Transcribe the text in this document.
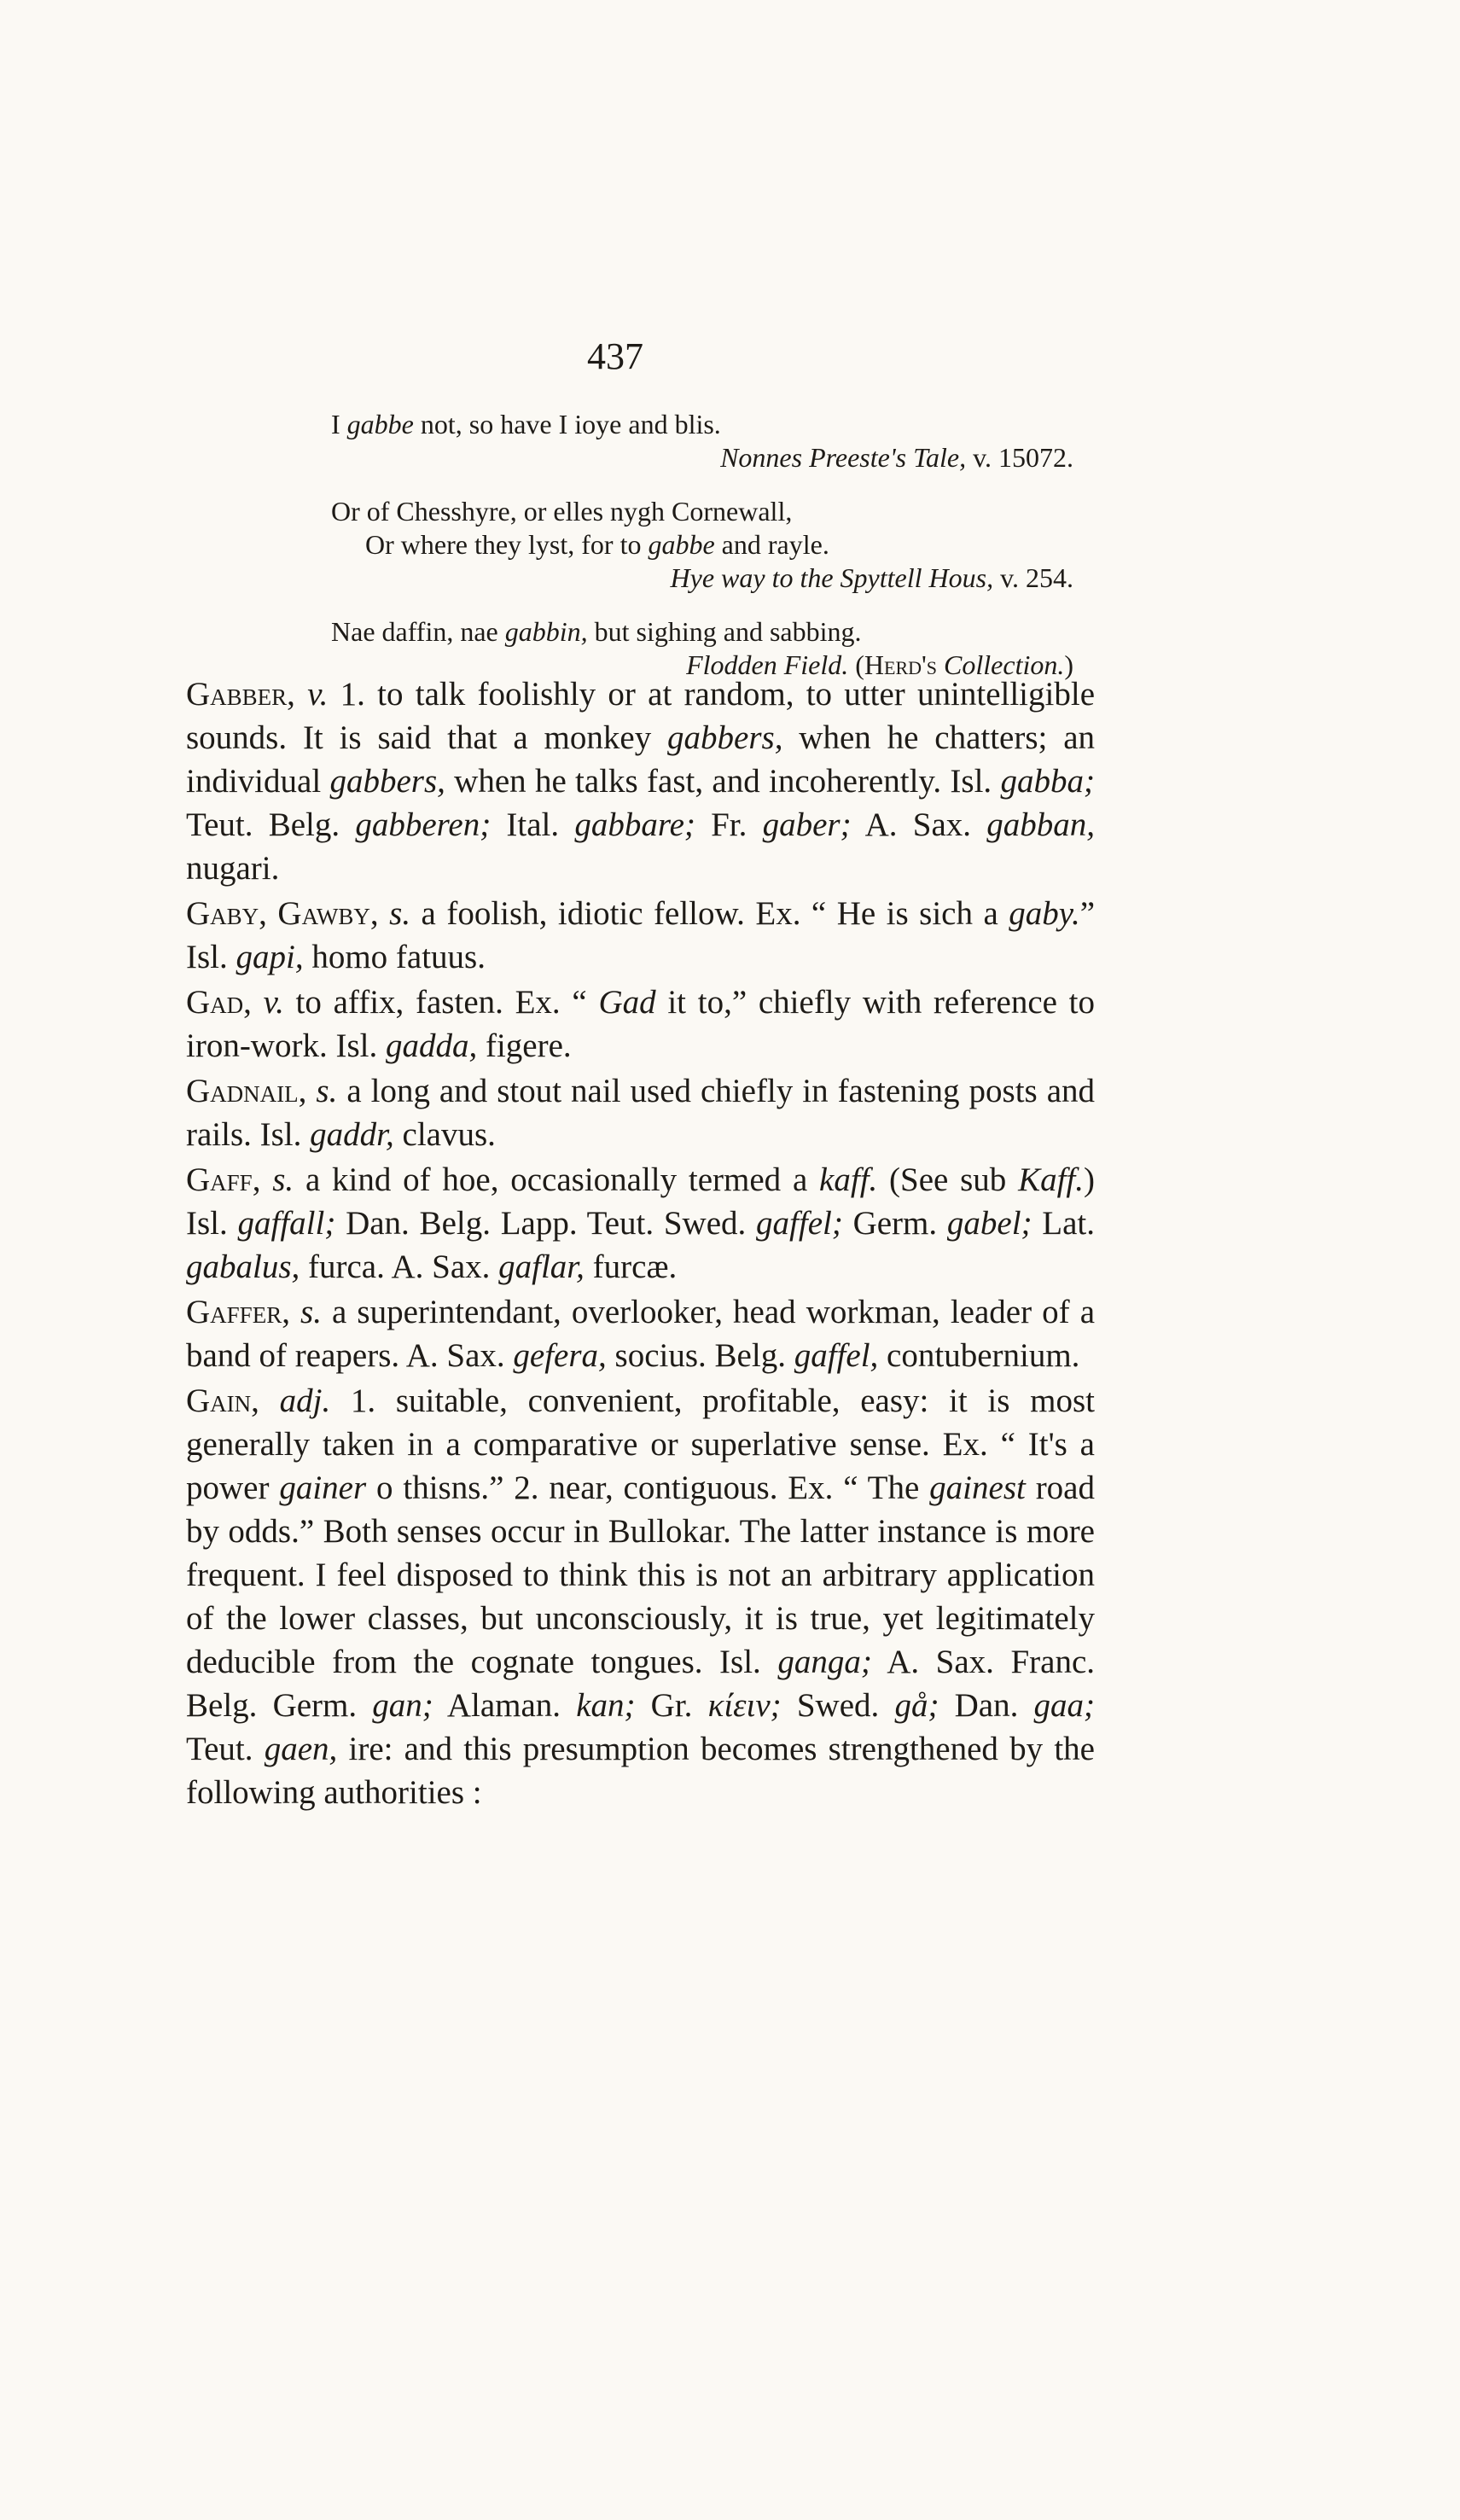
437
I gabbe not, so have I ioye and blis.
Nonnes Preeste's Tale, v. 15072.
Or of Chesshyre, or elles nygh Cornewall,
Or where they lyst, for to gabbe and rayle.
Hye way to the Spyttell Hous, v. 254.
Nae daffin, nae gabbin, but sighing and sabbing.
Flodden Field. (Herd's Collection.)

Gabber, v. 1. to talk foolishly or at random, to utter unintelligible sounds. It is said that a monkey gabbers, when he chatters; an individual gabbers, when he talks fast, and incoherently. Isl. gabba; Teut. Belg. gabberen; Ital. gabbare; Fr. gaber; A. Sax. gabban, nugari.

Gaby, Gawby, s. a foolish, idiotic fellow. Ex. “ He is sich a gaby.” Isl. gapi, homo fatuus.

Gad, v. to affix, fasten. Ex. “ Gad it to,” chiefly with reference to iron-work. Isl. gadda, figere.

Gadnail, s. a long and stout nail used chiefly in fastening posts and rails. Isl. gaddr, clavus.

Gaff, s. a kind of hoe, occasionally termed a kaff. (See sub Kaff.) Isl. gaffall; Dan. Belg. Lapp. Teut. Swed. gaffel; Germ. gabel; Lat. gabalus, furca. A. Sax. gaflar, furcæ.

Gaffer, s. a superintendant, overlooker, head workman, leader of a band of reapers. A. Sax. gefera, socius. Belg. gaffel, contubernium.

Gain, adj. 1. suitable, convenient, profitable, easy: it is most generally taken in a comparative or superlative sense. Ex. “ It's a power gainer o thisns.” 2. near, contiguous. Ex. “ The gainest road by odds.” Both senses occur in Bullokar. The latter instance is more frequent. I feel disposed to think this is not an arbitrary application of the lower classes, but unconsciously, it is true, yet legitimately deducible from the cognate tongues. Isl. ganga; A. Sax. Franc. Belg. Germ. gan; Alaman. kan; Gr. κίειν; Swed. gå; Dan. gaa; Teut. gaen, ire: and this presumption becomes strengthened by the following authorities :
